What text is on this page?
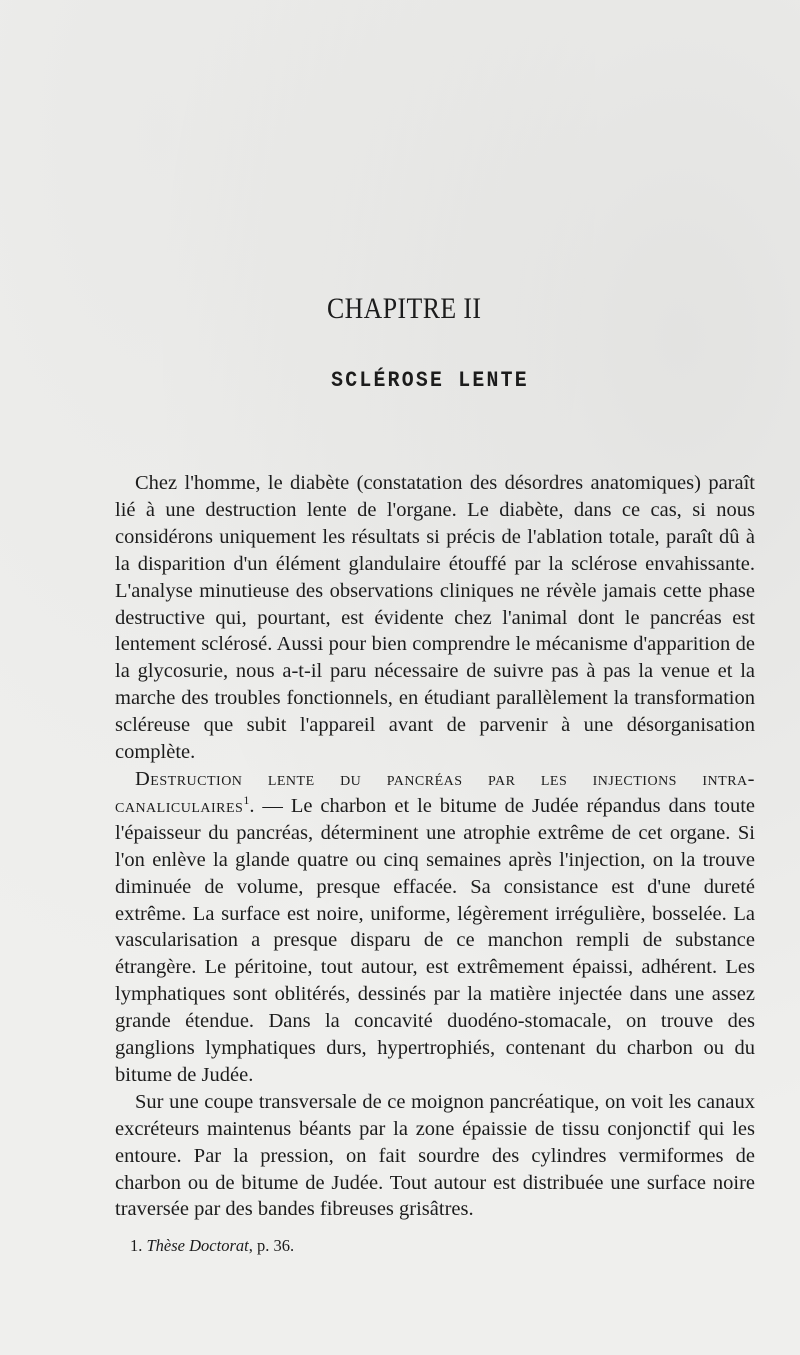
CHAPITRE II
SCLÉROSE LENTE

Chez l'homme, le diabète (constatation des désordres anatomiques) paraît lié à une destruction lente de l'organe. Le diabète, dans ce cas, si nous considérons uniquement les résultats si précis de l'ablation totale, paraît dû à la disparition d'un élément glandulaire étouffé par la sclérose envahissante. L'analyse minutieuse des observations cliniques ne révèle jamais cette phase destructive qui, pourtant, est évidente chez l'animal dont le pancréas est lentement sclérosé. Aussi pour bien comprendre le mécanisme d'apparition de la glycosurie, nous a-t-il paru nécessaire de suivre pas à pas la venue et la marche des troubles fonctionnels, en étudiant parallèlement la transformation scléreuse que subit l'appareil avant de parvenir à une désorganisation complète.

Destruction lente du pancréas par les injections intra-canaliculaires$^1$. — Le charbon et le bitume de Judée répandus dans toute l'épaisseur du pancréas, déterminent une atrophie extrême de cet organe. Si l'on enlève la glande quatre ou cinq semaines après l'injection, on la trouve diminuée de volume, presque effacée. Sa consistance est d'une dureté extrême. La surface est noire, uniforme, légèrement irrégulière, bosselée. La vascularisation a presque disparu de ce manchon rempli de substance étrangère. Le péritoine, tout autour, est extrêmement épaissi, adhérent. Les lymphatiques sont oblitérés, dessinés par la matière injectée dans une assez grande étendue. Dans la concavité duodéno-stomacale, on trouve des ganglions lymphatiques durs, hypertrophiés, contenant du charbon ou du bitume de Judée.

Sur une coupe transversale de ce moignon pancréatique, on voit les canaux excréteurs maintenus béants par la zone épaissie de tissu conjonctif qui les entoure. Par la pression, on fait sourdre des cylindres vermiformes de charbon ou de bitume de Judée. Tout autour est distribuée une surface noire traversée par des bandes fibreuses grisâtres.

1. Thèse Doctorat, p. 36.
